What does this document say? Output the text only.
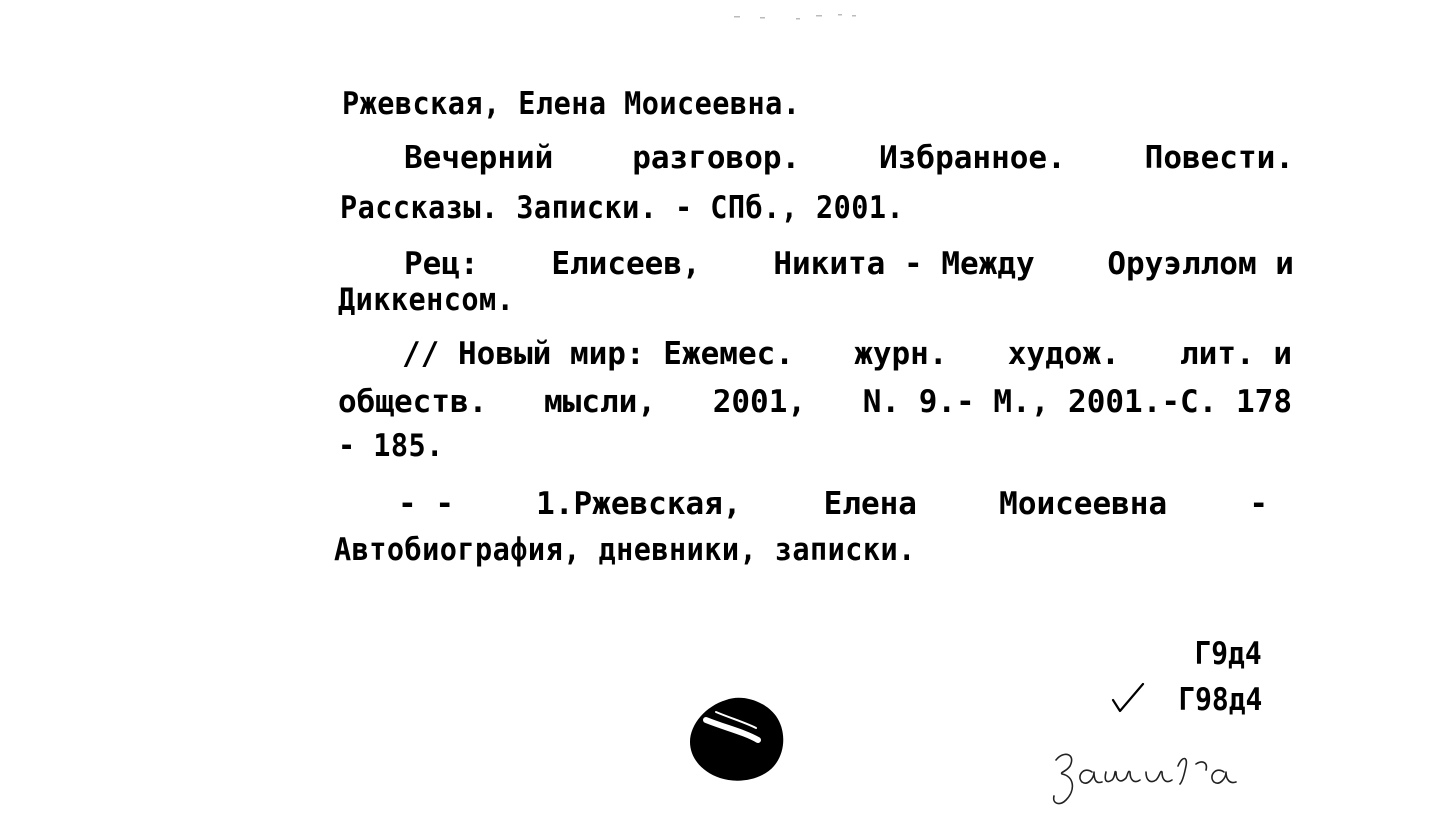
Ржевская, Елена Моисеевна.
Вечерний	разговор.	Избранное.	Повести.
Рассказы. Записки. - СПб., 2001.
Рец: Елисеев, Никита - Между Оруэллом и
Диккенсом.
// Новый мир: Ежемес. журн. худож. лит. и
обществ. мысли, 2001, N. 9.- М., 2001.-С. 178
- 185.
- -	1.Ржевская,	Елена	Моисеевна	-
Автобиография, дневники, записки.
Г9д4
Г98д4
